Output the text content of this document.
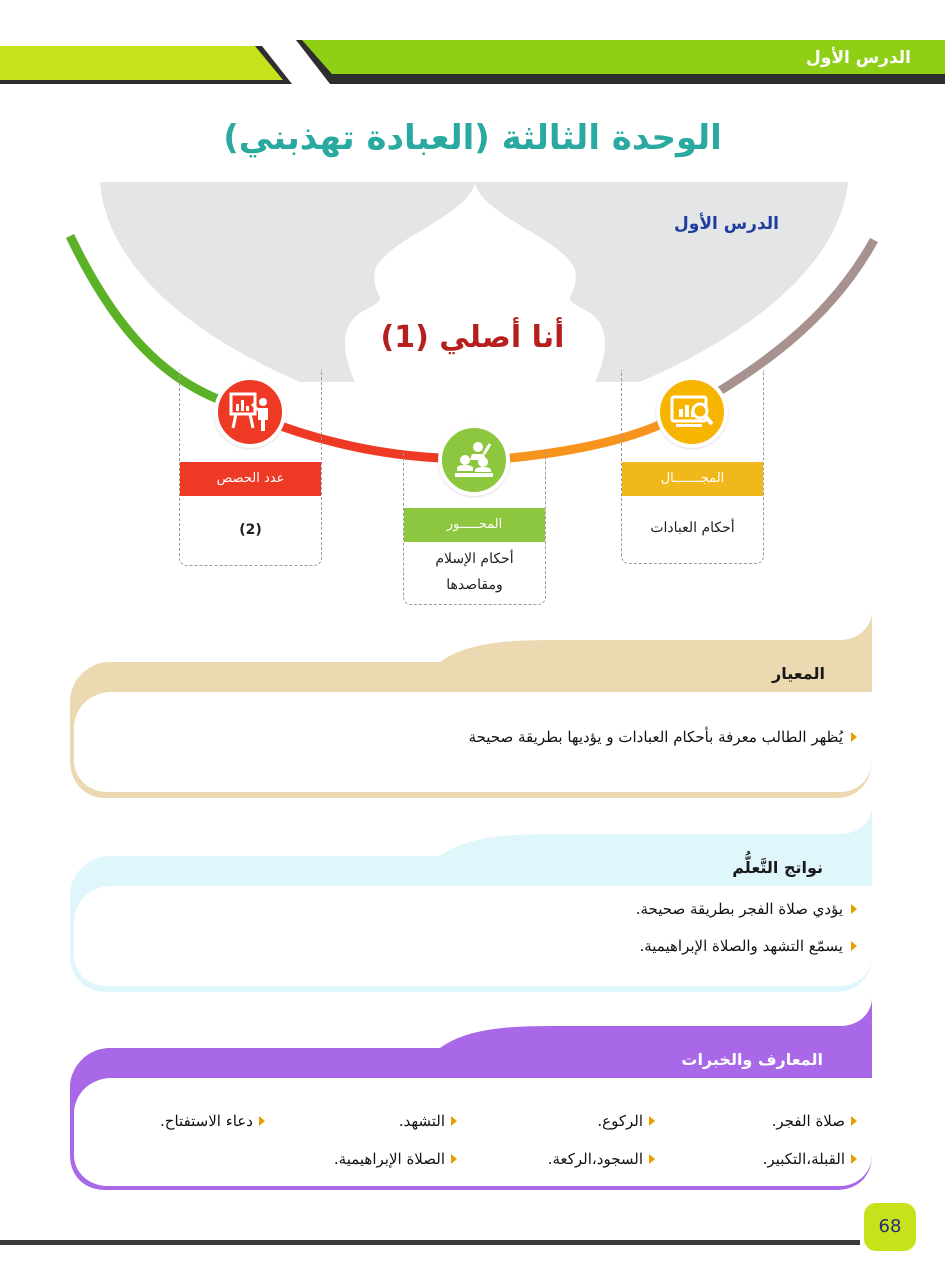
الدرس الأول
الوحدة الثالثة (العبادة تهذبني)
الدرس الأول
أنا أصلي (1)
المجـــــــال
أحكام العبادات
المحـــــور
أحكام الإسلام
ومقاصدها
عدد الحصص
(2)
المعيار
يُظهر الطالب معرفة بأحكام العبادات و يؤديها بطريقة صحيحة
نواتج التَّعلُّم
يؤدي صلاة الفجر بطريقة صحيحة.
يسمّع التشهد والصلاة الإبراهيمية.
المعارف والخبرات
صلاة الفجر.
الركوع.
التشهد.
دعاء الاستفتاح.
القبلة،التكبير.
السجود،الركعة.
الصلاة الإبراهيمية.
68
